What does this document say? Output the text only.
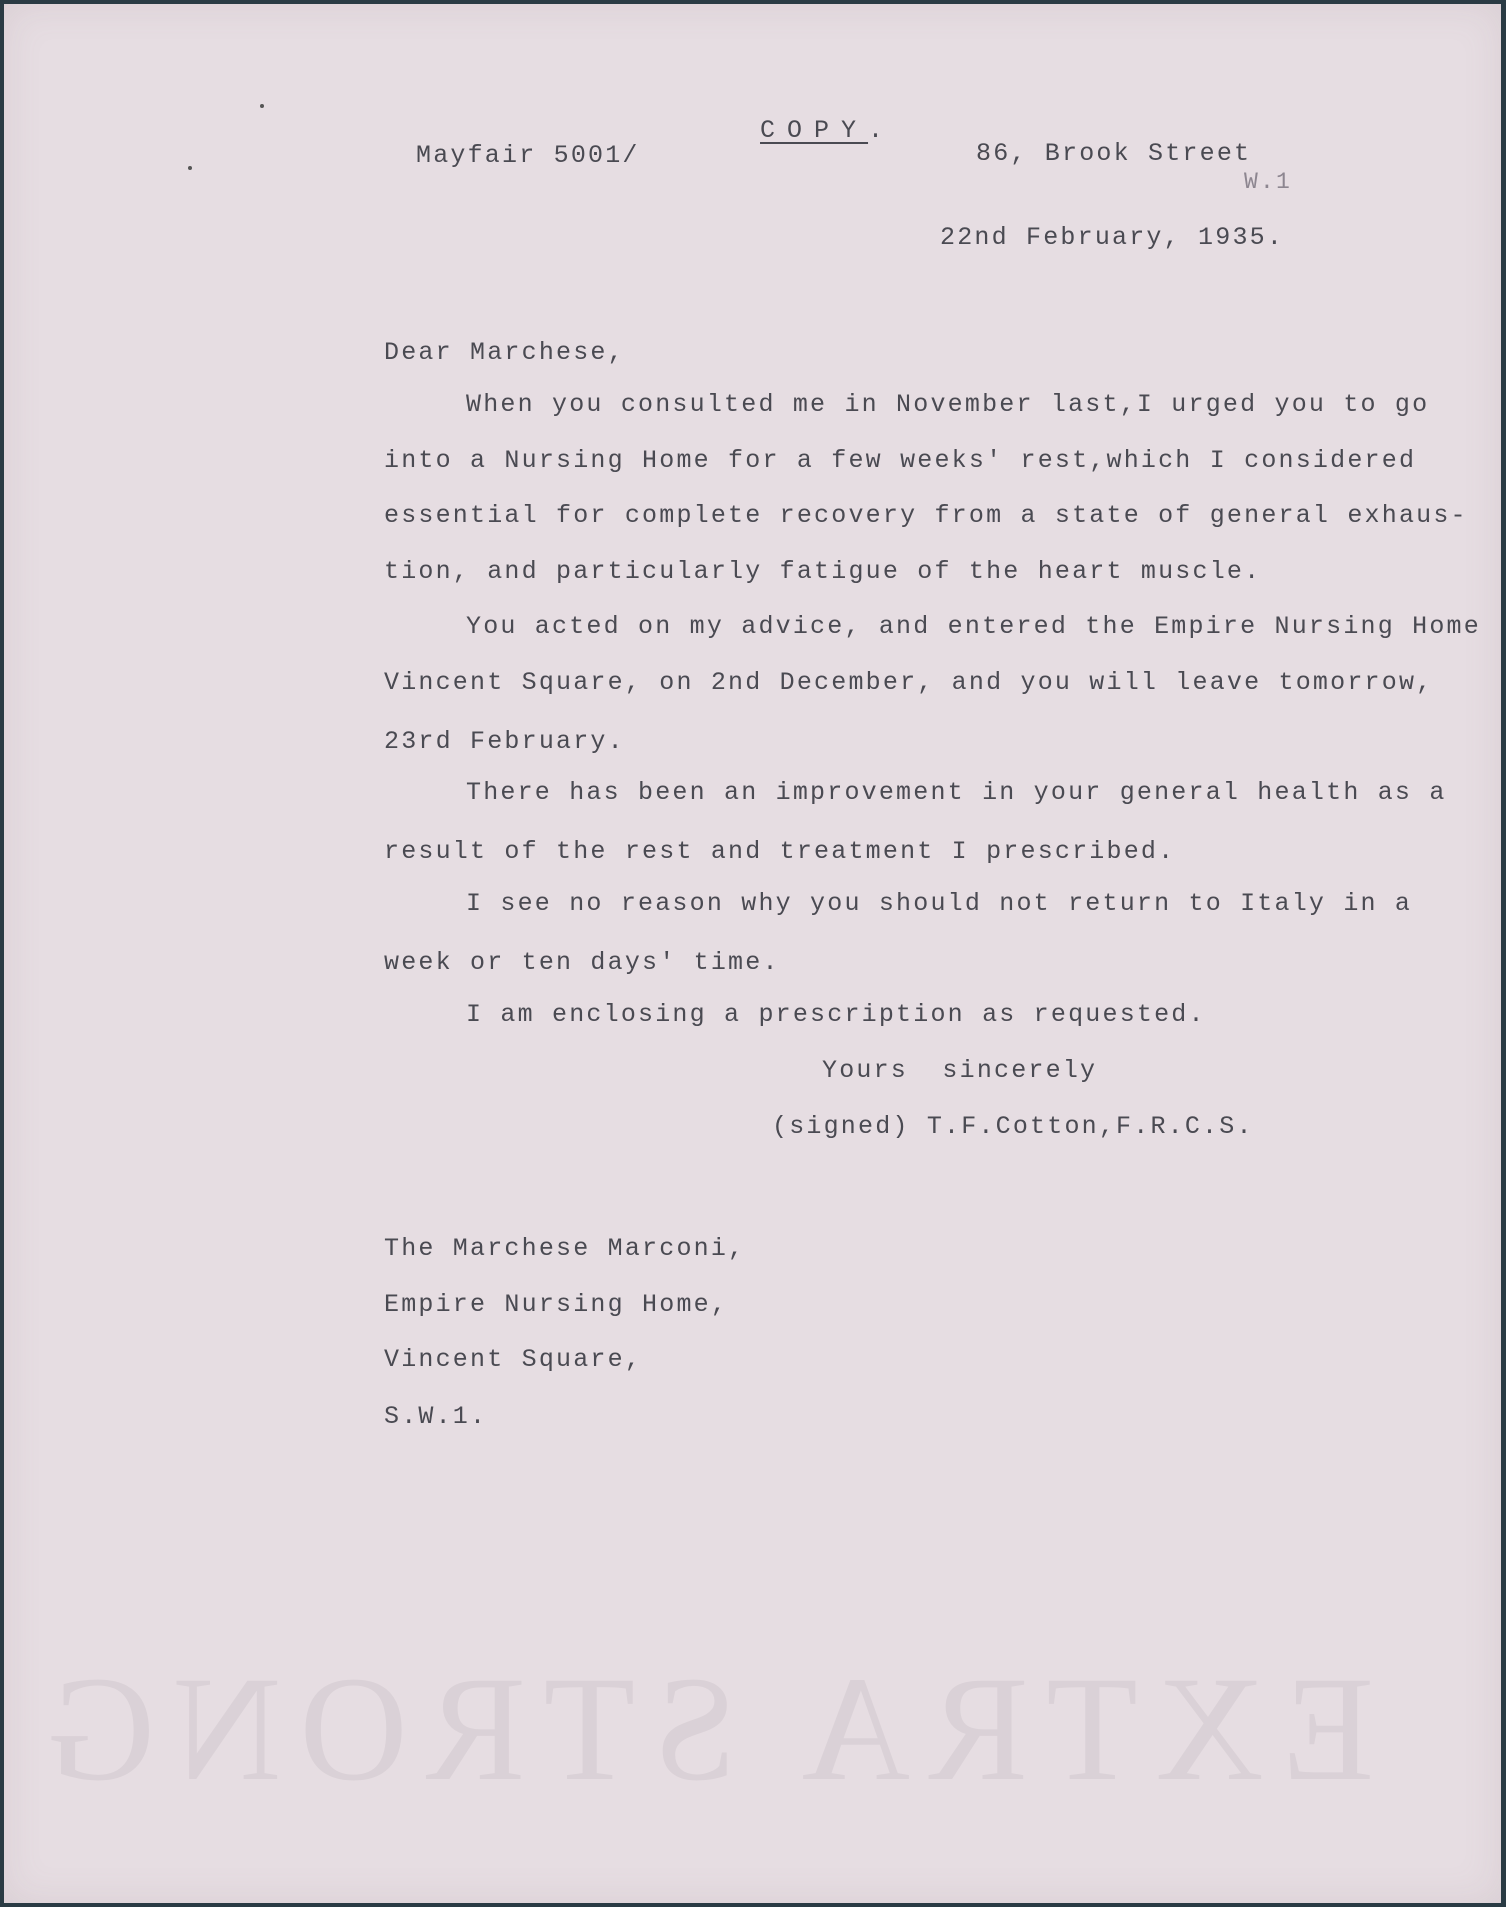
EXTRA STRONG

COPY.

Mayfair 5001/	86, Brook Street
W.1
22nd February, 1935.
Dear Marchese,
When you consulted me in November last,I urged you to go
into a Nursing Home for a few weeks' rest,which I considered
essential for complete recovery from a state of general exhaus-
tion, and particularly fatigue of the heart muscle.
You acted on my advice, and entered the Empire Nursing Home
Vincent Square, on 2nd December, and you will leave tomorrow,
23rd February.
There has been an improvement in your general health as a
result of the rest and treatment I prescribed.
I see no reason why you should not return to Italy in a
week or ten days' time.
I am enclosing a prescription as requested.
Yours  sincerely
(signed) T.F.Cotton,F.R.C.S.
The Marchese Marconi,
Empire Nursing Home,
Vincent Square,
S.W.1.
